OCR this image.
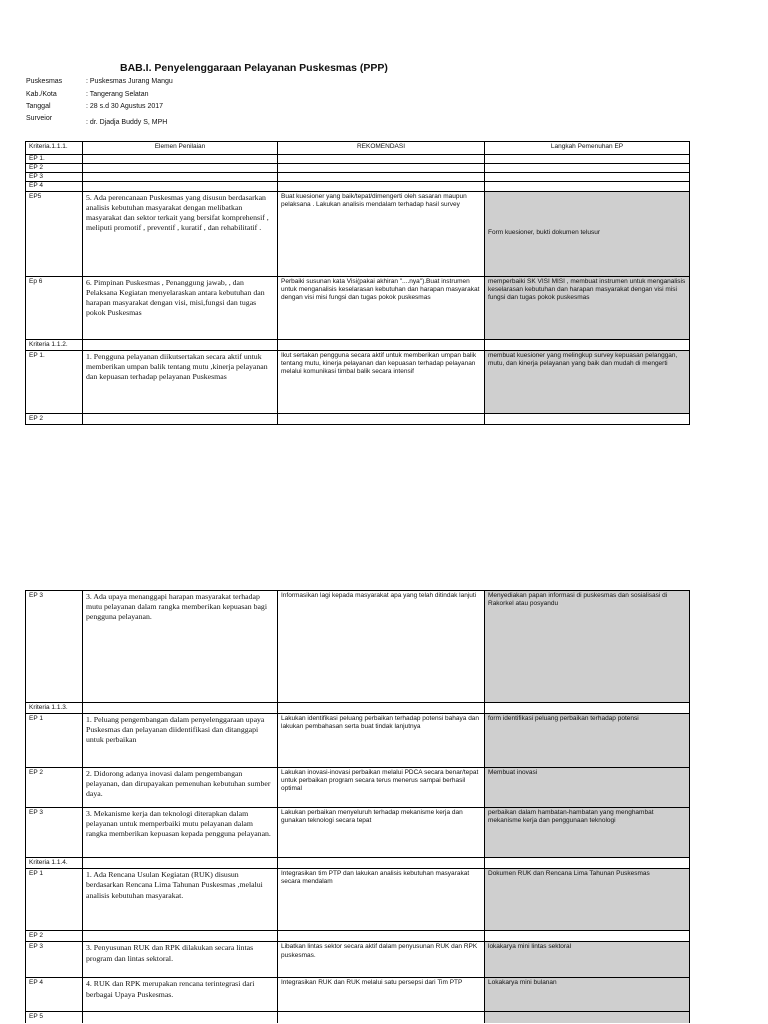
BAB.I. Penyelenggaraan Pelayanan Puskesmas (PPP)
Puskesmas	: Puskesmas Jurang Mangu
Kab./Kota	: Tangerang Selatan
Tanggal	: 28 s.d 30 Agustus 2017
Surveior: dr. Djadja Buddy S, MPH
Kriteria.1.1.1.	Elemen Penilaian	REKOMENDASI	Langkah Pemenuhan EP
EP 1.			
EP 2			
EP 3			
EP 4			
EP5	5. Ada perencanaan Puskesmas yang disusun berdasarkan analisis kebutuhan masyarakat dengan melibatkan masyarakat dan sektor terkait yang bersifat komprehensif , meliputi promotif , preventif , kuratif , dan rehabilitatif .	Buat kuesioner yang baik/tepat/dimengerti oleh sasaran maupun pelaksana . Lakukan analisis mendalam terhadap hasil survey	Form kuesioner, bukti dokumen telusur
Ep 6	6. Pimpinan Puskesmas , Penanggung jawab, , dan Pelaksana Kegiatan menyelaraskan antara kebutuhan dan harapan masyarakat dengan visi, misi,fungsi dan tugas pokok Puskesmas	Perbaiki susunan kata Visi(pakai akhiran "....nya").Buat instrumen untuk menganalisis keselarasan kebutuhan dan harapan masyarakat dengan visi misi fungsi dan tugas pokok puskesmas	memperbaiki SK VISI MISI , membuat instrumen untuk menganalisis keselarasan kebutuhan dan harapan masyarakat dengan visi misi fungsi dan tugas pokok puskesmas
Kriteria 1.1.2.			
EP 1.	1. Pengguna pelayanan diikutsertakan secara aktif untuk memberikan umpan balik tentang mutu ,kinerja pelayanan dan kepuasan terhadap pelayanan Puskesmas	Ikut sertakan pengguna secara aktif untuk memberikan umpan balik tentang mutu, kinerja pelayanan dan kepuasan terhadap pelayanan melalui komunikasi timbal balik secara intensif	membuat kuesioner yang melingkup survey kepuasan pelanggan, mutu, dan kinerja pelayanan yang baik dan mudah di mengerti
EP 2			
EP 3	3. Ada upaya menanggapi harapan masyarakat terhadap mutu pelayanan dalam rangka memberikan kepuasan bagi pengguna pelayanan.	Informasikan lagi kepada masyarakat apa yang telah ditindak lanjuti	Menyediakan papan informasi di puskesmas dan sosialisasi di Rakorkel atau posyandu
Kriteria 1.1.3.			
EP 1	1. Peluang pengembangan dalam penyelenggaraan upaya Puskesmas dan pelayanan diidentifikasi dan ditanggapi untuk perbaikan	Lakukan identifikasi peluang perbaikan terhadap potensi bahaya dan lakukan pembahasan serta buat tindak lanjutnya	form identifikasi peluang perbaikan terhadap potensi
EP 2	2. Didorong adanya inovasi dalam pengembangan pelayanan, dan dirupayakan pemenuhan kebutuhan sumber daya.	Lakukan inovasi-inovasi perbaikan melalui PDCA secara benar/tepat untuk perbaikan program secara terus menerus sampai berhasil optimal	Membuat inovasi
EP 3	3. Mekanisme kerja dan teknologi diterapkan dalam pelayanan untuk memperbaiki mutu pelayanan dalam rangka memberikan kepuasan kepada pengguna pelayanan.	Lakukan perbaikan menyeluruh terhadap mekanisme kerja dan gunakan teknologi secara tepat	perbaikan dalam hambatan-hambatan yang menghambat mekanisme kerja dan penggunaan teknologi
Kriteria 1.1.4.			
EP 1	1. Ada Rencana Usulan Kegiatan (RUK) disusun berdasarkan Rencana Lima Tahunan Puskesmas ,melalui analisis kebutuhan masyarakat.	Integrasikan tim PTP dan lakukan analisis kebutuhan masyarakat secara mendalam	Dokumen RUK dan Rencana Lima Tahunan Puskesmas
EP 2			
EP 3	3. Penyusunan RUK dan RPK dilakukan secara lintas program dan lintas sektoral.	Libatkan lintas sektor secara aktif dalam penyusunan RUK dan RPK puskesmas.	lokakarya mini lintas sektoral
EP 4	4. RUK dan RPK merupakan rencana terintegrasi dari berbagai Upaya Puskesmas.	Integrasikan RUK dan RUK melalui satu persepsi dari Tim PTP	Lokakarya mini bulanan
EP 5			
